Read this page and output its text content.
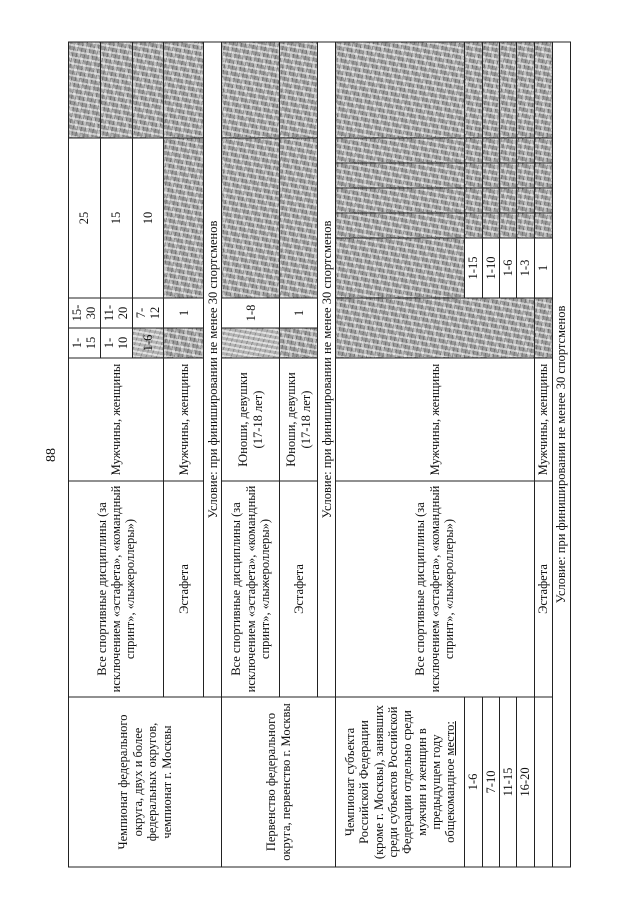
88
Чемпионат федерального округа, двух и более федеральных округов, чемпионат г. Москвы	Все спортивные дисциплины (за исключением «эстафета», «командный спринт», «лыжероллеры»)	Мужчины, женщины	1-15	15-30	25					
			1-10	11-20	15					
			1-6	7-12	10					
	Эстафета	Мужчины, женщины		1						
	Условие: при финишировании не менее 30 спортсменов									
Первенство федерального округа, первенство г. Москвы	Все спортивные дисциплины (за исключением «эстафета», «командный спринт», «лыжероллеры»)	Юноши, девушки (17-18 лет)		1-8						
	Эстафета	Юноши, девушки (17-18 лет)		1						
	Условие: при финишировании не менее 30 спортсменов									
Чемпионат субъекта Российской Федерации (кроме г. Москвы), занявших среди субъектов Российской Федерации отдельно среди мужчин и женщин в предыдущем году общекомандное место:	Все спортивные дисциплины (за исключением «эстафета», «командный спринт», «лыжероллеры»)	Мужчины, женщины								
1-6					1-15					
7-10					1-10					
11-15					1-6					
16-20					1-3					
	Эстафета	Мужчины, женщины			1					
Условие: при финишировании не менее 30 спортсменов										
